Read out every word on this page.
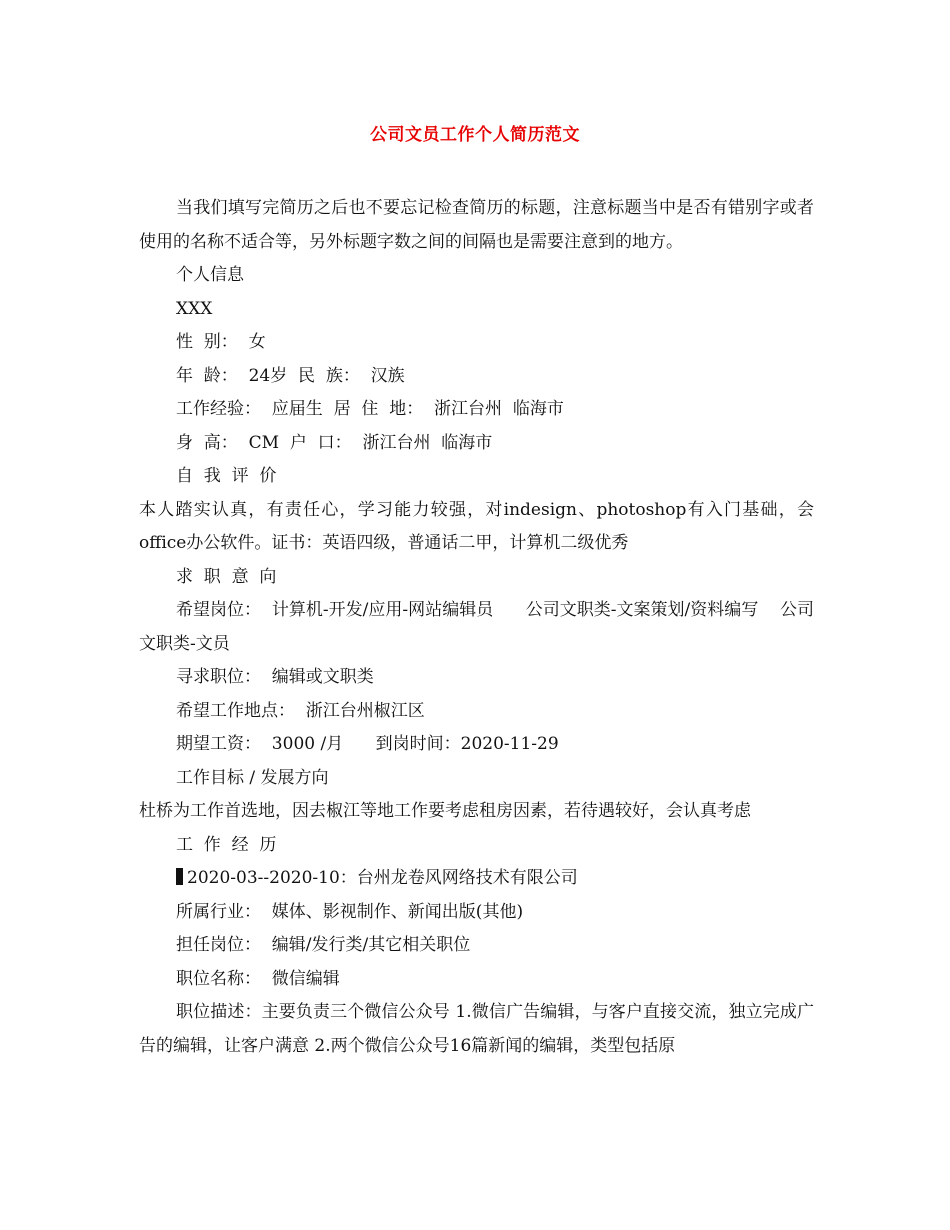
公司文员工作个人简历范文

当我们填写完简历之后也不要忘记检查简历的标题，注意标题当中是否有错别字或者使用的名称不适合等，另外标题字数之间的间隔也是需要注意到的地方。

个人信息

XXX

性  别：  女

年  龄：  24岁  民  族：  汉族

工作经验：  应届生  居  住  地：  浙江台州  临海市

身  高：  CM  户  口：  浙江台州  临海市

自  我  评  价

本人踏实认真，有责任心，学习能力较强，对indesign、photoshop有入门基础，会office办公软件。证书：英语四级，普通话二甲，计算机二级优秀

求  职  意  向

希望岗位：  计算机-开发/应用-网站编辑员      公司文职类-文案策划/资料编写    公司文职类-文员

寻求职位：  编辑或文职类

希望工作地点：  浙江台州椒江区

期望工资：  3000 /月      到岗时间：2020-11-29

工作目标 / 发展方向

杜桥为工作首选地，因去椒江等地工作要考虑租房因素，若待遇较好，会认真考虑

工  作  经  历

2020-03--2020-10：台州龙卷风网络技术有限公司

所属行业：  媒体、影视制作、新闻出版(其他)

担任岗位：  编辑/发行类/其它相关职位

职位名称：  微信编辑

职位描述：主要负责三个微信公众号 1.微信广告编辑，与客户直接交流，独立完成广告的编辑，让客户满意 2.两个微信公众号16篇新闻的编辑，类型包括原
